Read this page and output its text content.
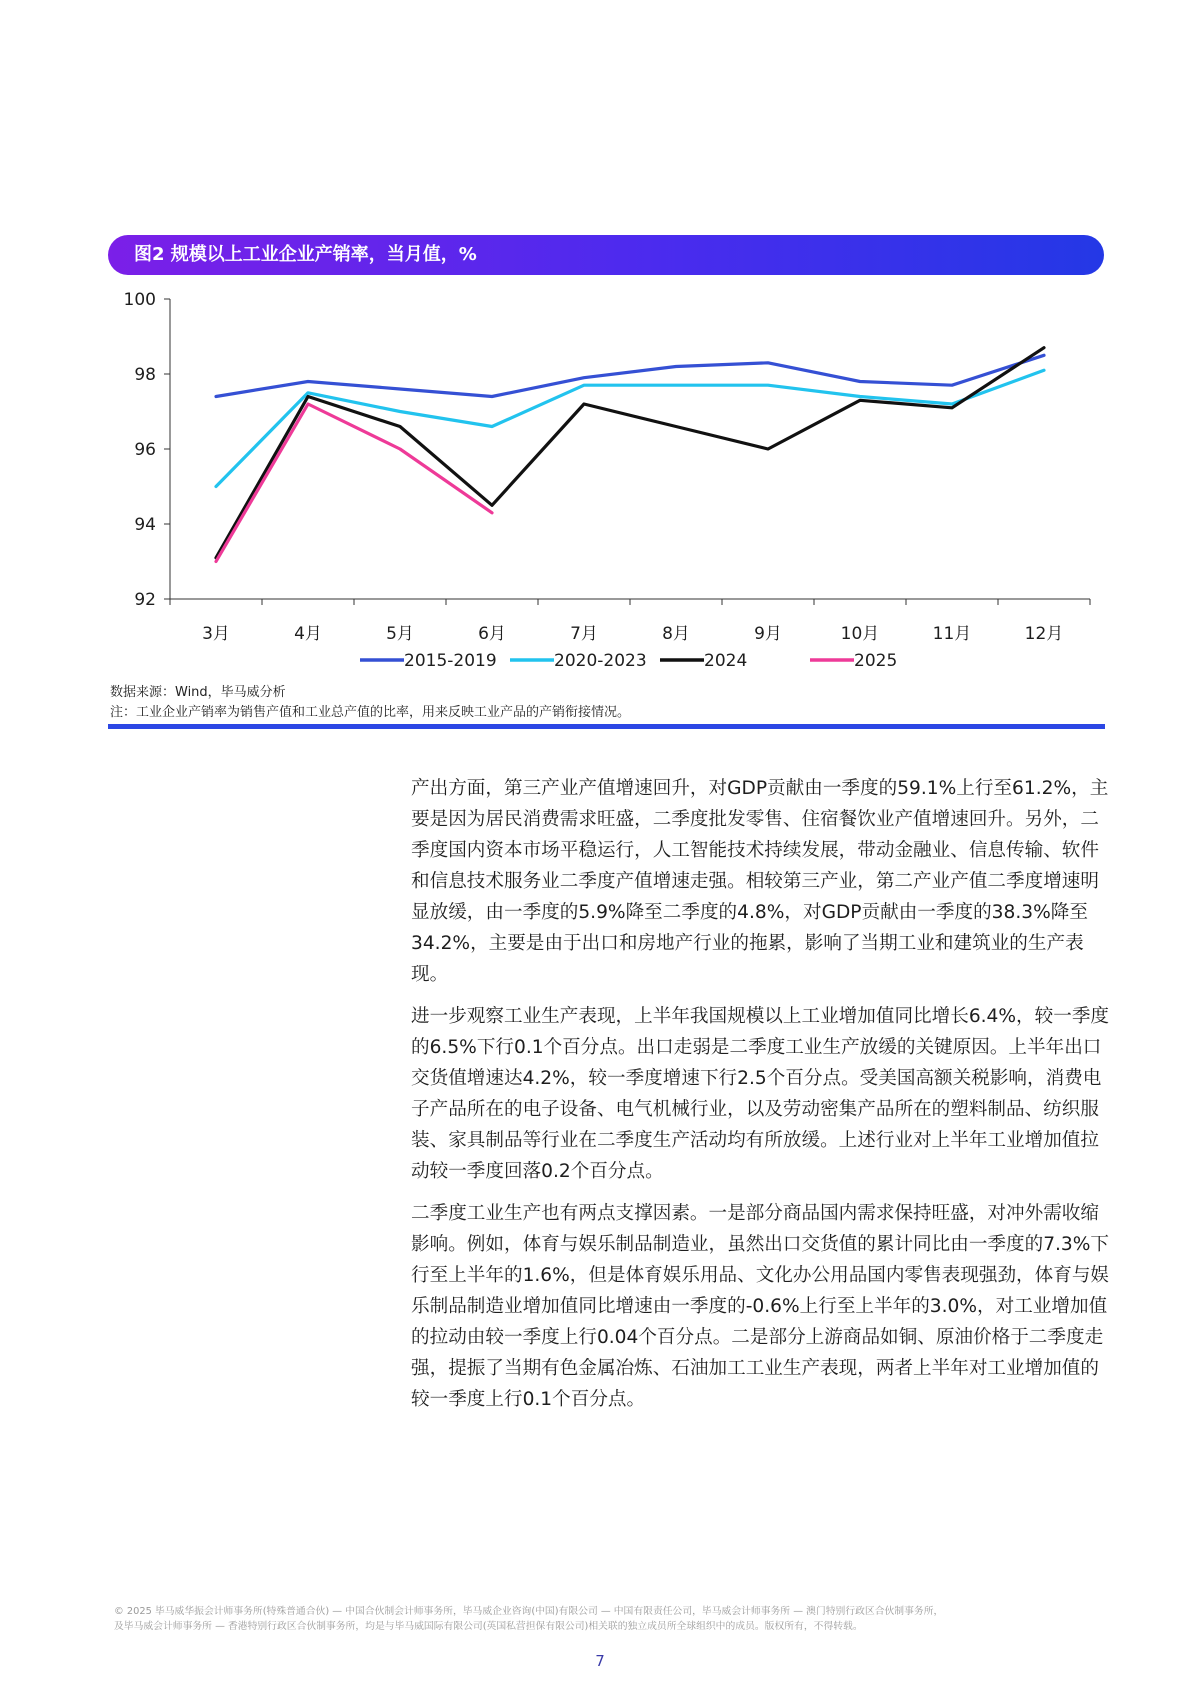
图2 规模以上工业企业产销率，当月值，%
92
94
96
98
100
3月	4月	5月	6月	7月	8月	9月	10月	11月	12月
2015-2019	2020-2023	2024	2025
数据来源：Wind，毕马威分析
注：工业企业产销率为销售产值和工业总产值的比率，用来反映工业产品的产销衔接情况。

产出方面，第三产业产值增速回升，对GDP贡献由一季度的59.1%上行至61.2%，主要是因为居民消费需求旺盛，二季度批发零售、住宿餐饮业产值增速回升。另外，二季度国内资本市场平稳运行，人工智能技术持续发展，带动金融业、信息传输、软件和信息技术服务业二季度产值增速走强。相较第三产业，第二产业产值二季度增速明显放缓，由一季度的5.9%降至二季度的4.8%，对GDP贡献由一季度的38.3%降至34.2%，主要是由于出口和房地产行业的拖累，影响了当期工业和建筑业的生产表现。

进一步观察工业生产表现，上半年我国规模以上工业增加值同比增长6.4%，较一季度的6.5%下行0.1个百分点。出口走弱是二季度工业生产放缓的关键原因。上半年出口交货值增速达4.2%，较一季度增速下行2.5个百分点。受美国高额关税影响，消费电子产品所在的电子设备、电气机械行业，以及劳动密集产品所在的塑料制品、纺织服装、家具制品等行业在二季度生产活动均有所放缓。上述行业对上半年工业增加值拉动较一季度回落0.2个百分点。

二季度工业生产也有两点支撑因素。一是部分商品国内需求保持旺盛，对冲外需收缩影响。例如，体育与娱乐制品制造业，虽然出口交货值的累计同比由一季度的7.3%下行至上半年的1.6%，但是体育娱乐用品、文化办公用品国内零售表现强劲，体育与娱乐制品制造业增加值同比增速由一季度的-0.6%上行至上半年的3.0%，对工业增加值的拉动由较一季度上行0.04个百分点。二是部分上游商品如铜、原油价格于二季度走强，提振了当期有色金属冶炼、石油加工工业生产表现，两者上半年对工业增加值的较一季度上行0.1个百分点。

© 2025 毕马威华振会计师事务所(特殊普通合伙) — 中国合伙制会计师事务所，毕马威企业咨询(中国)有限公司 — 中国有限责任公司，毕马威会计师事务所 — 澳门特别行政区合伙制事务所，
及毕马威会计师事务所 — 香港特别行政区合伙制事务所，均是与毕马威国际有限公司(英国私营担保有限公司)相关联的独立成员所全球组织中的成员。版权所有，不得转载。
7
